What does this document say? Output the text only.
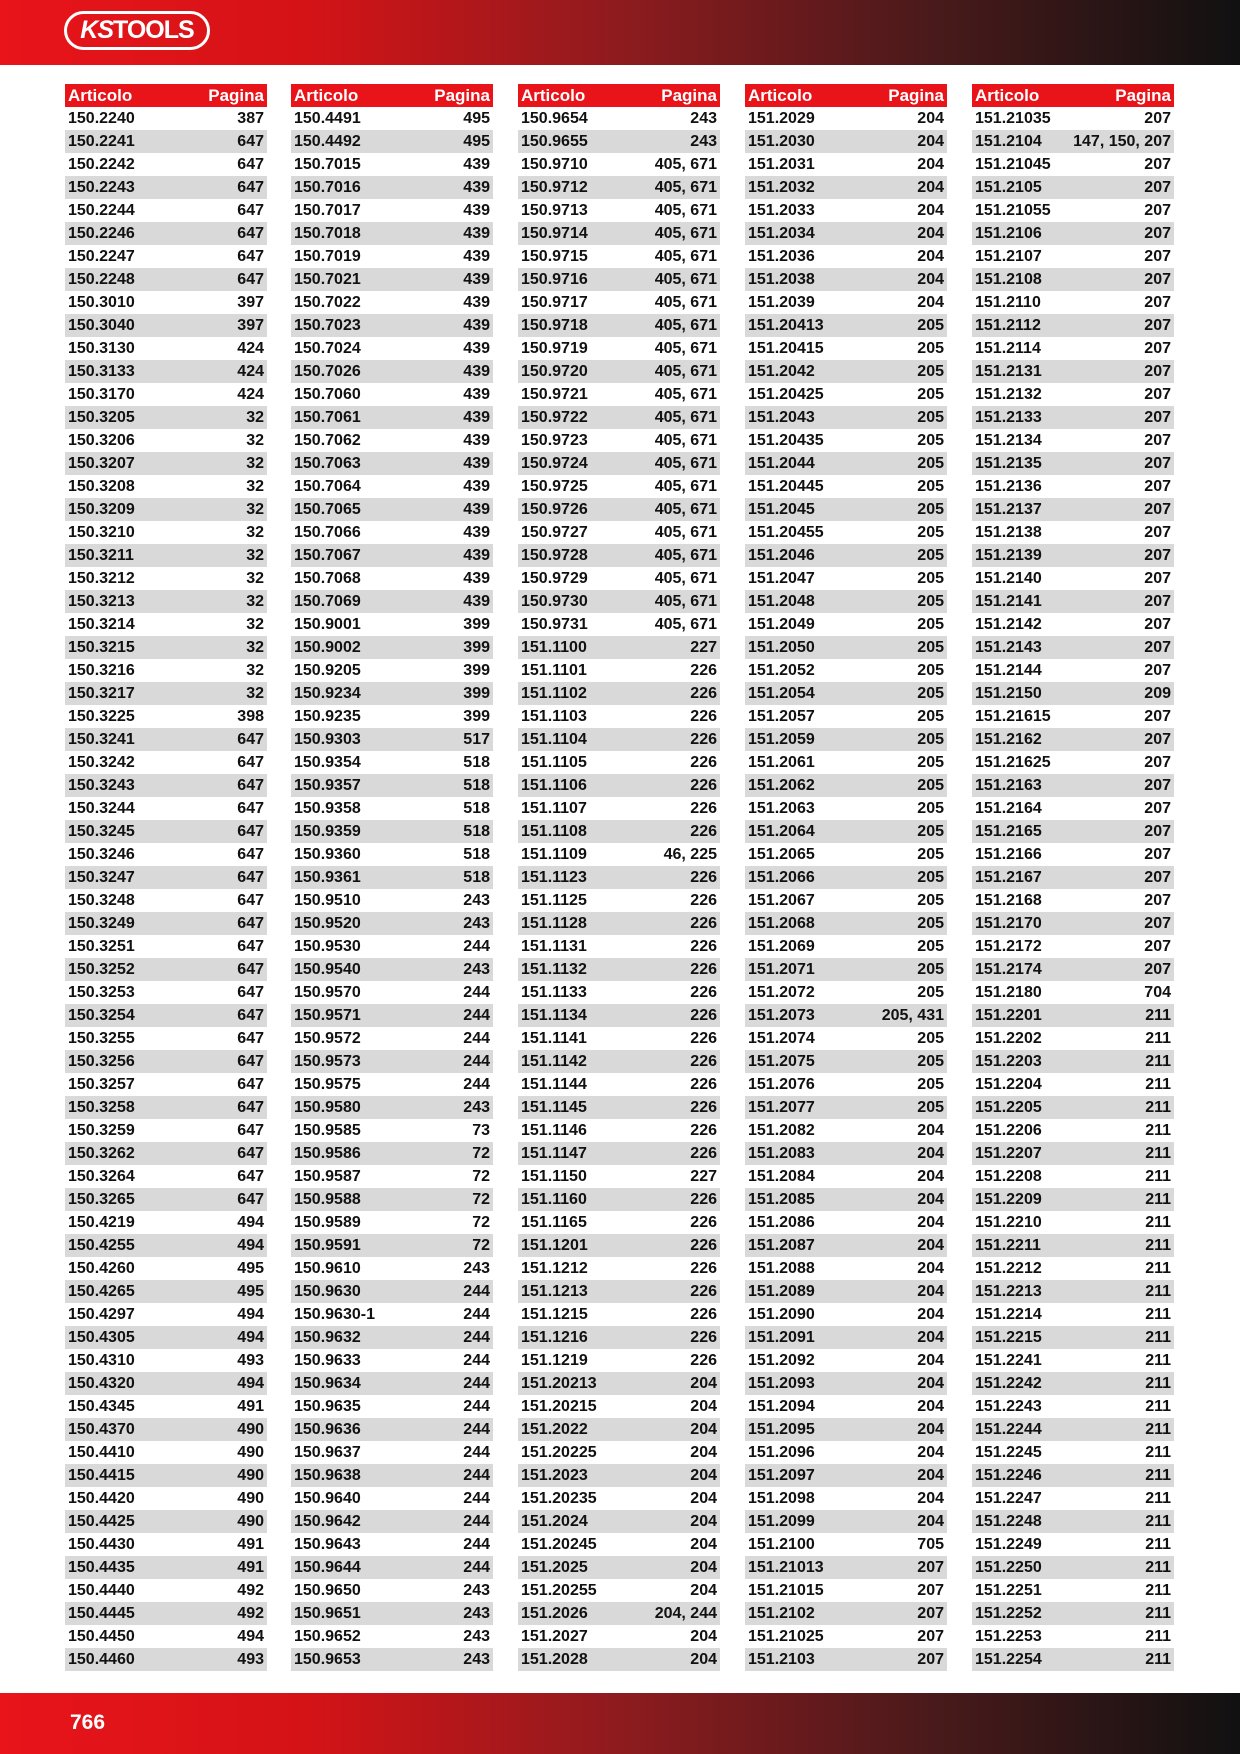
KS TOOLS
Articolo	Pagina
150.2240	387
150.2241	647
150.2242	647
150.2243	647
150.2244	647
150.2246	647
150.2247	647
150.2248	647
150.3010	397
150.3040	397
150.3130	424
150.3133	424
150.3170	424
150.3205	32
150.3206	32
150.3207	32
150.3208	32
150.3209	32
150.3210	32
150.3211	32
150.3212	32
150.3213	32
150.3214	32
150.3215	32
150.3216	32
150.3217	32
150.3225	398
150.3241	647
150.3242	647
150.3243	647
150.3244	647
150.3245	647
150.3246	647
150.3247	647
150.3248	647
150.3249	647
150.3251	647
150.3252	647
150.3253	647
150.3254	647
150.3255	647
150.3256	647
150.3257	647
150.3258	647
150.3259	647
150.3262	647
150.3264	647
150.3265	647
150.4219	494
150.4255	494
150.4260	495
150.4265	495
150.4297	494
150.4305	494
150.4310	493
150.4320	494
150.4345	491
150.4370	490
150.4410	490
150.4415	490
150.4420	490
150.4425	490
150.4430	491
150.4435	491
150.4440	492
150.4445	492
150.4450	494
150.4460	493
Articolo	Pagina
150.4491	495
150.4492	495
150.7015	439
150.7016	439
150.7017	439
150.7018	439
150.7019	439
150.7021	439
150.7022	439
150.7023	439
150.7024	439
150.7026	439
150.7060	439
150.7061	439
150.7062	439
150.7063	439
150.7064	439
150.7065	439
150.7066	439
150.7067	439
150.7068	439
150.7069	439
150.9001	399
150.9002	399
150.9205	399
150.9234	399
150.9235	399
150.9303	517
150.9354	518
150.9357	518
150.9358	518
150.9359	518
150.9360	518
150.9361	518
150.9510	243
150.9520	243
150.9530	244
150.9540	243
150.9570	244
150.9571	244
150.9572	244
150.9573	244
150.9575	244
150.9580	243
150.9585	73
150.9586	72
150.9587	72
150.9588	72
150.9589	72
150.9591	72
150.9610	243
150.9630	244
150.9630-1	244
150.9632	244
150.9633	244
150.9634	244
150.9635	244
150.9636	244
150.9637	244
150.9638	244
150.9640	244
150.9642	244
150.9643	244
150.9644	244
150.9650	243
150.9651	243
150.9652	243
150.9653	243
Articolo	Pagina
150.9654	243
150.9655	243
150.9710	405, 671
150.9712	405, 671
150.9713	405, 671
150.9714	405, 671
150.9715	405, 671
150.9716	405, 671
150.9717	405, 671
150.9718	405, 671
150.9719	405, 671
150.9720	405, 671
150.9721	405, 671
150.9722	405, 671
150.9723	405, 671
150.9724	405, 671
150.9725	405, 671
150.9726	405, 671
150.9727	405, 671
150.9728	405, 671
150.9729	405, 671
150.9730	405, 671
150.9731	405, 671
151.1100	227
151.1101	226
151.1102	226
151.1103	226
151.1104	226
151.1105	226
151.1106	226
151.1107	226
151.1108	226
151.1109	46, 225
151.1123	226
151.1125	226
151.1128	226
151.1131	226
151.1132	226
151.1133	226
151.1134	226
151.1141	226
151.1142	226
151.1144	226
151.1145	226
151.1146	226
151.1147	226
151.1150	227
151.1160	226
151.1165	226
151.1201	226
151.1212	226
151.1213	226
151.1215	226
151.1216	226
151.1219	226
151.20213	204
151.20215	204
151.2022	204
151.20225	204
151.2023	204
151.20235	204
151.2024	204
151.20245	204
151.2025	204
151.20255	204
151.2026	204, 244
151.2027	204
151.2028	204
Articolo	Pagina
151.2029	204
151.2030	204
151.2031	204
151.2032	204
151.2033	204
151.2034	204
151.2036	204
151.2038	204
151.2039	204
151.20413	205
151.20415	205
151.2042	205
151.20425	205
151.2043	205
151.20435	205
151.2044	205
151.20445	205
151.2045	205
151.20455	205
151.2046	205
151.2047	205
151.2048	205
151.2049	205
151.2050	205
151.2052	205
151.2054	205
151.2057	205
151.2059	205
151.2061	205
151.2062	205
151.2063	205
151.2064	205
151.2065	205
151.2066	205
151.2067	205
151.2068	205
151.2069	205
151.2071	205
151.2072	205
151.2073	205, 431
151.2074	205
151.2075	205
151.2076	205
151.2077	205
151.2082	204
151.2083	204
151.2084	204
151.2085	204
151.2086	204
151.2087	204
151.2088	204
151.2089	204
151.2090	204
151.2091	204
151.2092	204
151.2093	204
151.2094	204
151.2095	204
151.2096	204
151.2097	204
151.2098	204
151.2099	204
151.2100	705
151.21013	207
151.21015	207
151.2102	207
151.21025	207
151.2103	207
Articolo	Pagina
151.21035	207
151.2104 147, 150, 207
151.21045	207
151.2105	207
151.21055	207
151.2106	207
151.2107	207
151.2108	207
151.2110	207
151.2112	207
151.2114	207
151.2131	207
151.2132	207
151.2133	207
151.2134	207
151.2135	207
151.2136	207
151.2137	207
151.2138	207
151.2139	207
151.2140	207
151.2141	207
151.2142	207
151.2143	207
151.2144	207
151.2150	209
151.21615	207
151.2162	207
151.21625	207
151.2163	207
151.2164	207
151.2165	207
151.2166	207
151.2167	207
151.2168	207
151.2170	207
151.2172	207
151.2174	207
151.2180	704
151.2201	211
151.2202	211
151.2203	211
151.2204	211
151.2205	211
151.2206	211
151.2207	211
151.2208	211
151.2209	211
151.2210	211
151.2211	211
151.2212	211
151.2213	211
151.2214	211
151.2215	211
151.2241	211
151.2242	211
151.2243	211
151.2244	211
151.2245	211
151.2246	211
151.2247	211
151.2248	211
151.2249	211
151.2250	211
151.2251	211
151.2252	211
151.2253	211
151.2254	211
766
